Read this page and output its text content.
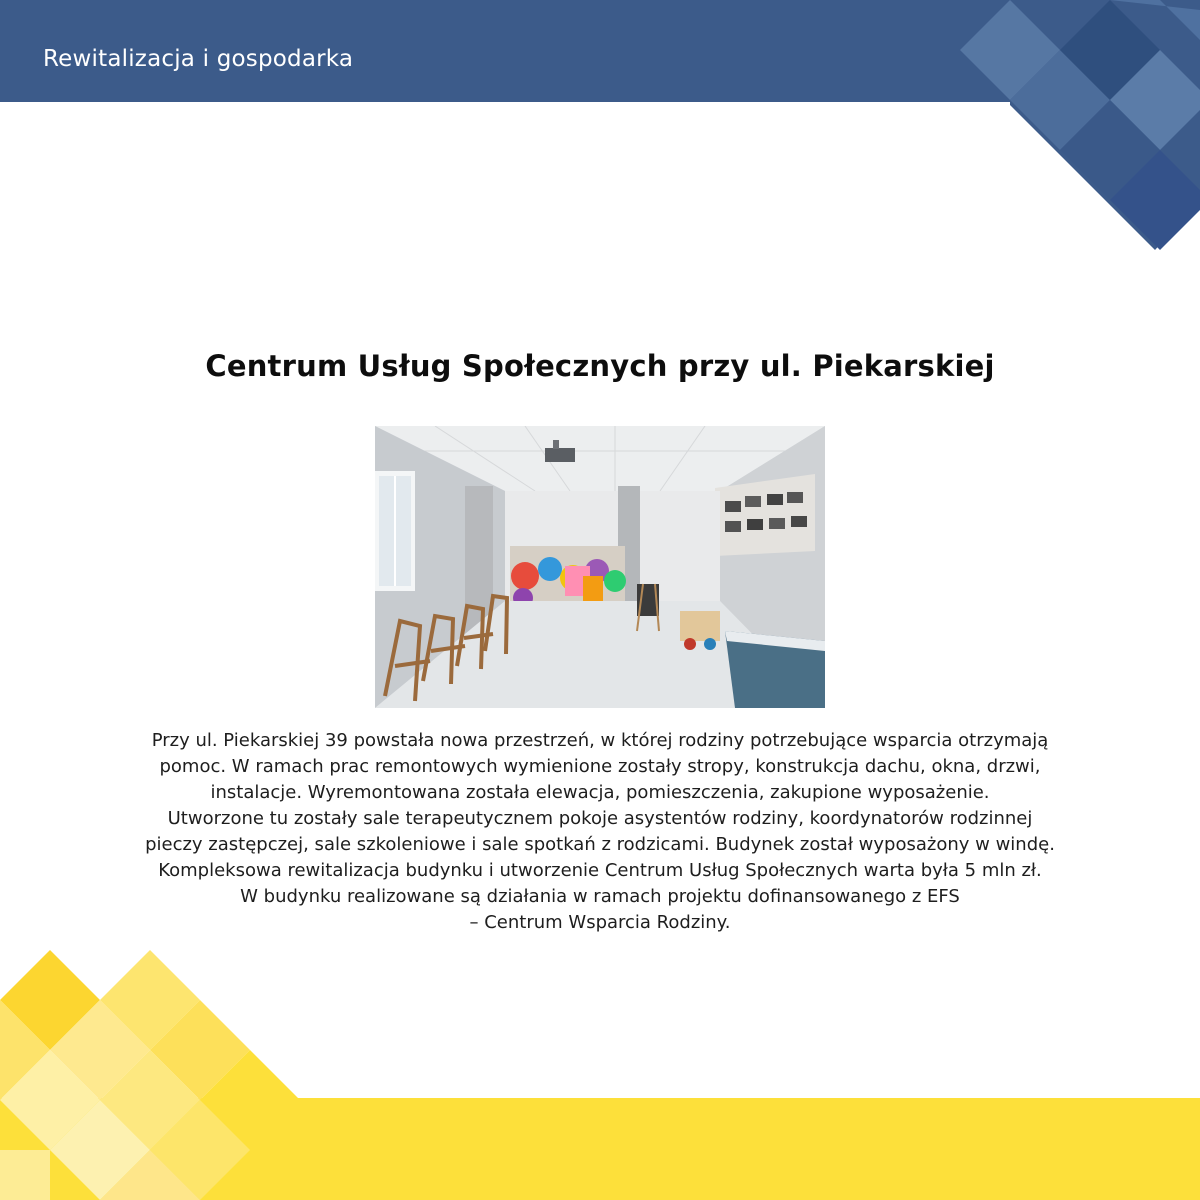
Rewitalizacja i gospodarka
Centrum Usług Społecznych przy ul. Piekarskiej
Przy ul. Piekarskiej 39 powstała nowa przestrzeń, w której rodziny potrzebujące wsparcia otrzymają
pomoc. W ramach prac remontowych wymienione zostały stropy, konstrukcja dachu, okna, drzwi,
instalacje. Wyremontowana została elewacja, pomieszczenia, zakupione wyposażenie.
Utworzone tu zostały sale terapeutycznem pokoje asystentów rodziny, koordynatorów rodzinnej
pieczy zastępczej, sale szkoleniowe i sale spotkań z rodzicami. Budynek został wyposażony w windę.
Kompleksowa rewitalizacja budynku i utworzenie Centrum Usług Społecznych warta była 5 mln zł.
W budynku realizowane są działania w ramach projektu dofinansowanego z EFS
– Centrum Wsparcia Rodziny.
